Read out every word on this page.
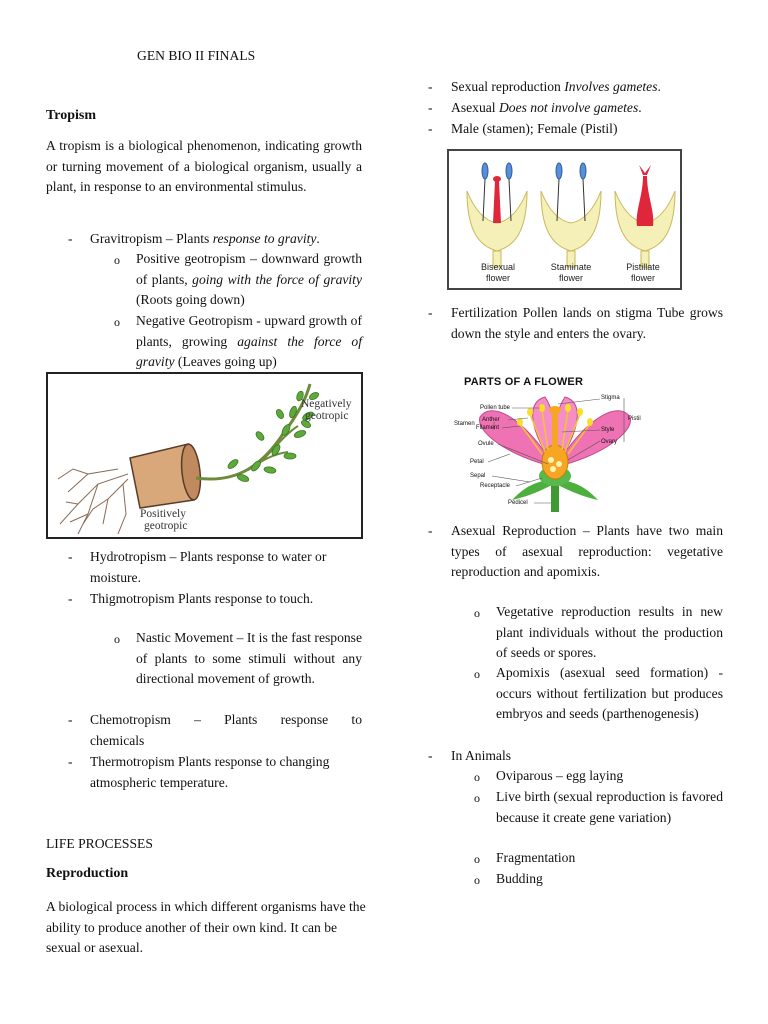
GEN BIO II FINALS
Tropism
A tropism is a biological phenomenon, indicating growth or turning movement of a biological organism, usually a plant, in response to an environmental stimulus.
-	Gravitropism – Plants response to gravity.
o	Positive geotropism – downward growth of plants, going with the force of gravity (Roots going down)
o	Negative Geotropism - upward growth of plants, growing against the force of gravity (Leaves going up)
Negatively
geotropic
Positively
geotropic
-	Hydrotropism – Plants response to water or moisture.
-	Thigmotropism Plants response to touch.
o	Nastic Movement – It is the fast response of plants to some stimuli without any directional movement of growth.
-	Chemotropism – Plants response to
chemicals
-	Thermotropism Plants response to changing atmospheric temperature.
LIFE PROCESSES
Reproduction
A biological process in which different organisms have the ability to produce another of their own kind. It can be sexual or asexual.
-	Sexual reproduction Involves gametes.
-	Asexual Does not involve gametes.
-	Male (stamen); Female (Pistil)
Bisexual
flower
Staminate
flower
Pistillate
flower
-	Fertilization Pollen lands on stigma Tube grows down the style and enters the ovary.
PARTS OF A FLOWER
Stigma
Pollen tube
Anther
Filament
Stamen
Pistil
Style
Ovary
Ovule
Petal
Sepal
Receptacle
Pedicel
-	Asexual Reproduction – Plants have two main types of asexual reproduction: vegetative reproduction and apomixis.
o	Vegetative reproduction results in new plant individuals without the production of seeds or spores.
o	Apomixis (asexual seed formation) - occurs without fertilization but produces embryos and seeds (parthenogenesis)
-	In Animals
o	Oviparous – egg laying
o	Live birth (sexual reproduction is favored because it create gene variation)
o	Fragmentation
o	Budding
